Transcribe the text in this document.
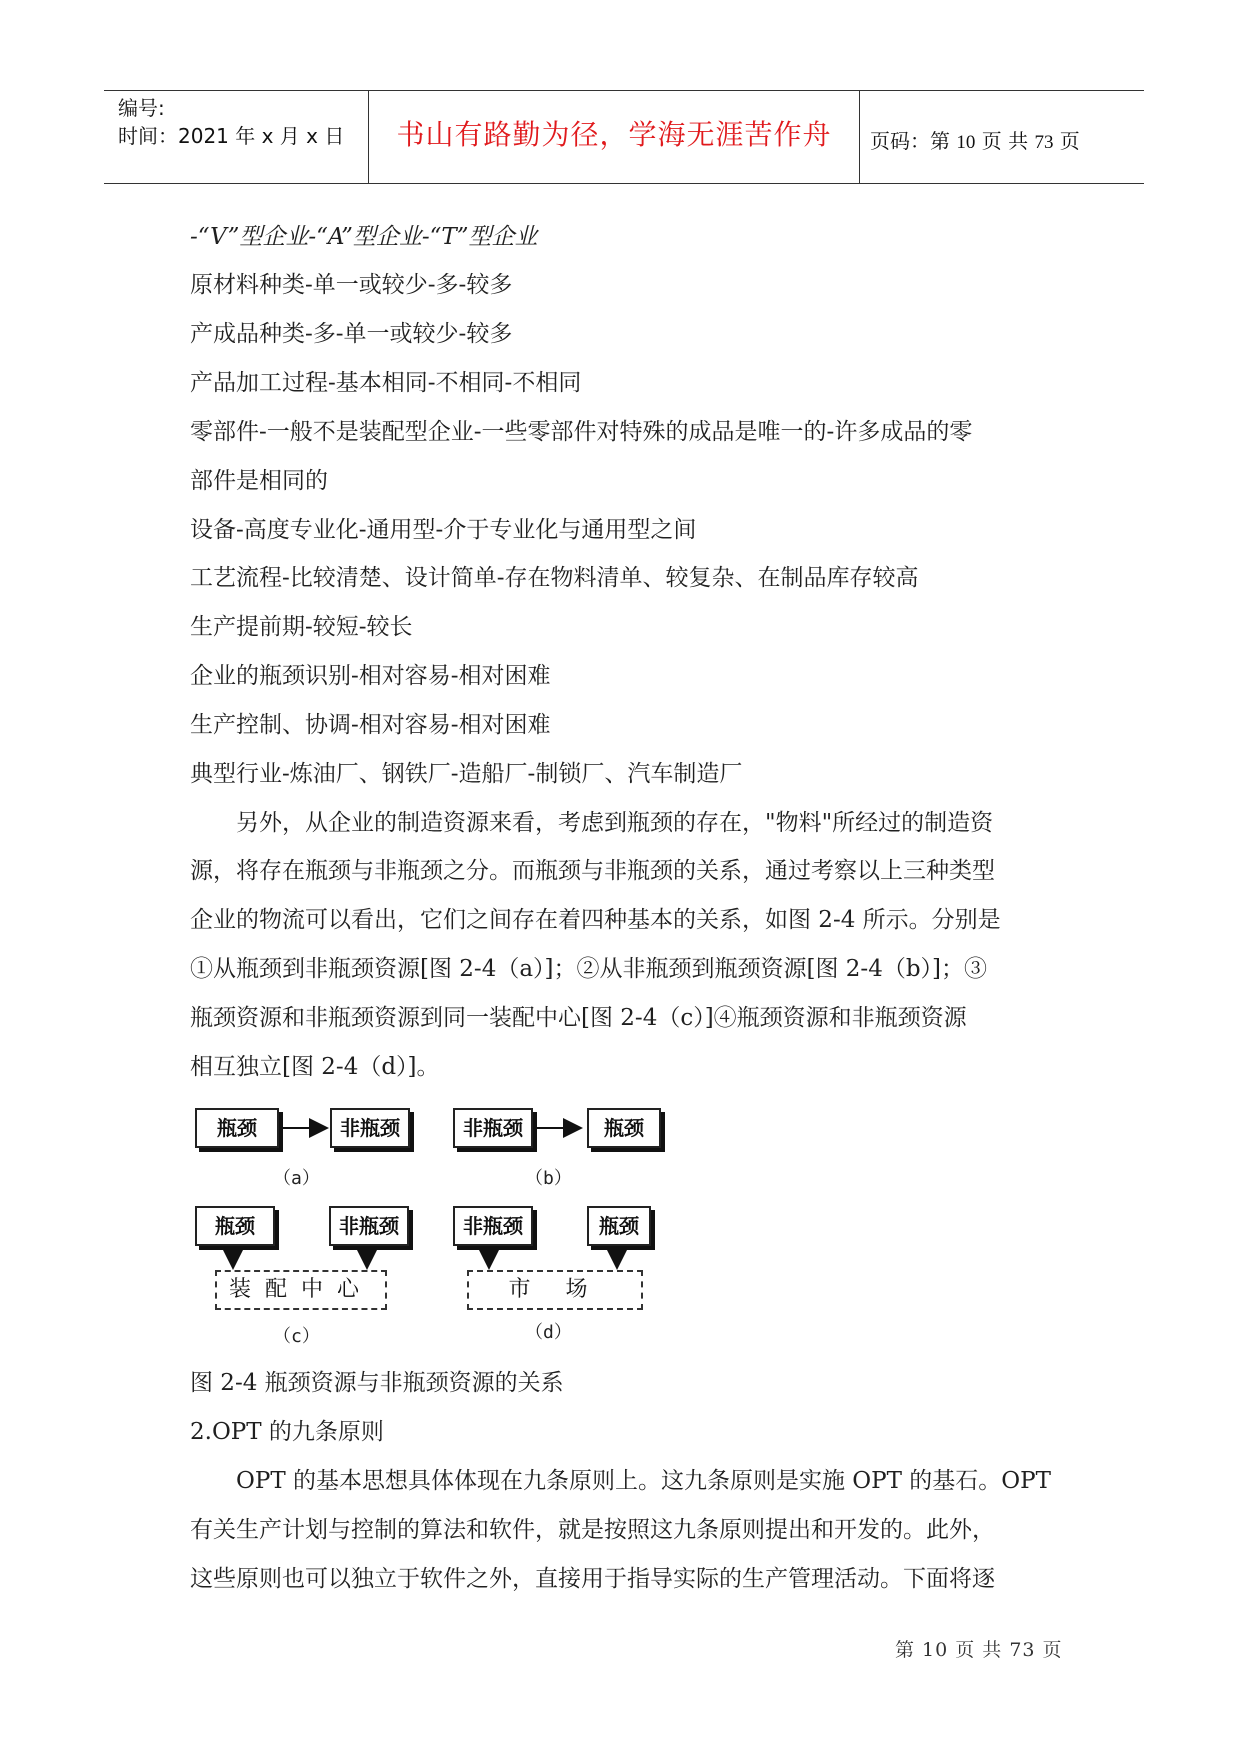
编号:
时间：2021 年 x 月 x 日	书山有路勤为径，学海无涯苦作舟	页码：第 10 页 共 73 页
-“V”型企业-“A”型企业-“T”型企业
原材料种类-单一或较少-多-较多
产成品种类-多-单一或较少-较多
产品加工过程-基本相同-不相同-不相同
零部件-一般不是装配型企业-一些零部件对特殊的成品是唯一的-许多成品的零
部件是相同的
设备-高度专业化-通用型-介于专业化与通用型之间
工艺流程-比较清楚、设计简单-存在物料清单、较复杂、在制品库存较高
生产提前期-较短-较长
企业的瓶颈识别-相对容易-相对困难
生产控制、协调-相对容易-相对困难
典型行业-炼油厂、钢铁厂-造船厂-制锁厂、汽车制造厂
　　另外，从企业的制造资源来看，考虑到瓶颈的存在，"物料"所经过的制造资
源，将存在瓶颈与非瓶颈之分。而瓶颈与非瓶颈的关系，通过考察以上三种类型
企业的物流可以看出，它们之间存在着四种基本的关系，如图 2-4 所示。分别是
①从瓶颈到非瓶颈资源[图 2-4（a）]；②从非瓶颈到瓶颈资源[图 2-4（b）]；③
瓶颈资源和非瓶颈资源到同一装配中心[图 2-4（c）]④瓶颈资源和非瓶颈资源
相互独立[图 2-4（d）]。
瓶颈	非瓶颈	非瓶颈	瓶颈
（a）	（b）
瓶颈	非瓶颈	非瓶颈	瓶颈
装配中心	市 场
（c）	（d）
图 2-4 瓶颈资源与非瓶颈资源的关系
2.OPT 的九条原则
　　OPT 的基本思想具体体现在九条原则上。这九条原则是实施 OPT 的基石。OPT
有关生产计划与控制的算法和软件，就是按照这九条原则提出和开发的。此外，
这些原则也可以独立于软件之外，直接用于指导实际的生产管理活动。下面将逐
第 10 页 共 73 页
